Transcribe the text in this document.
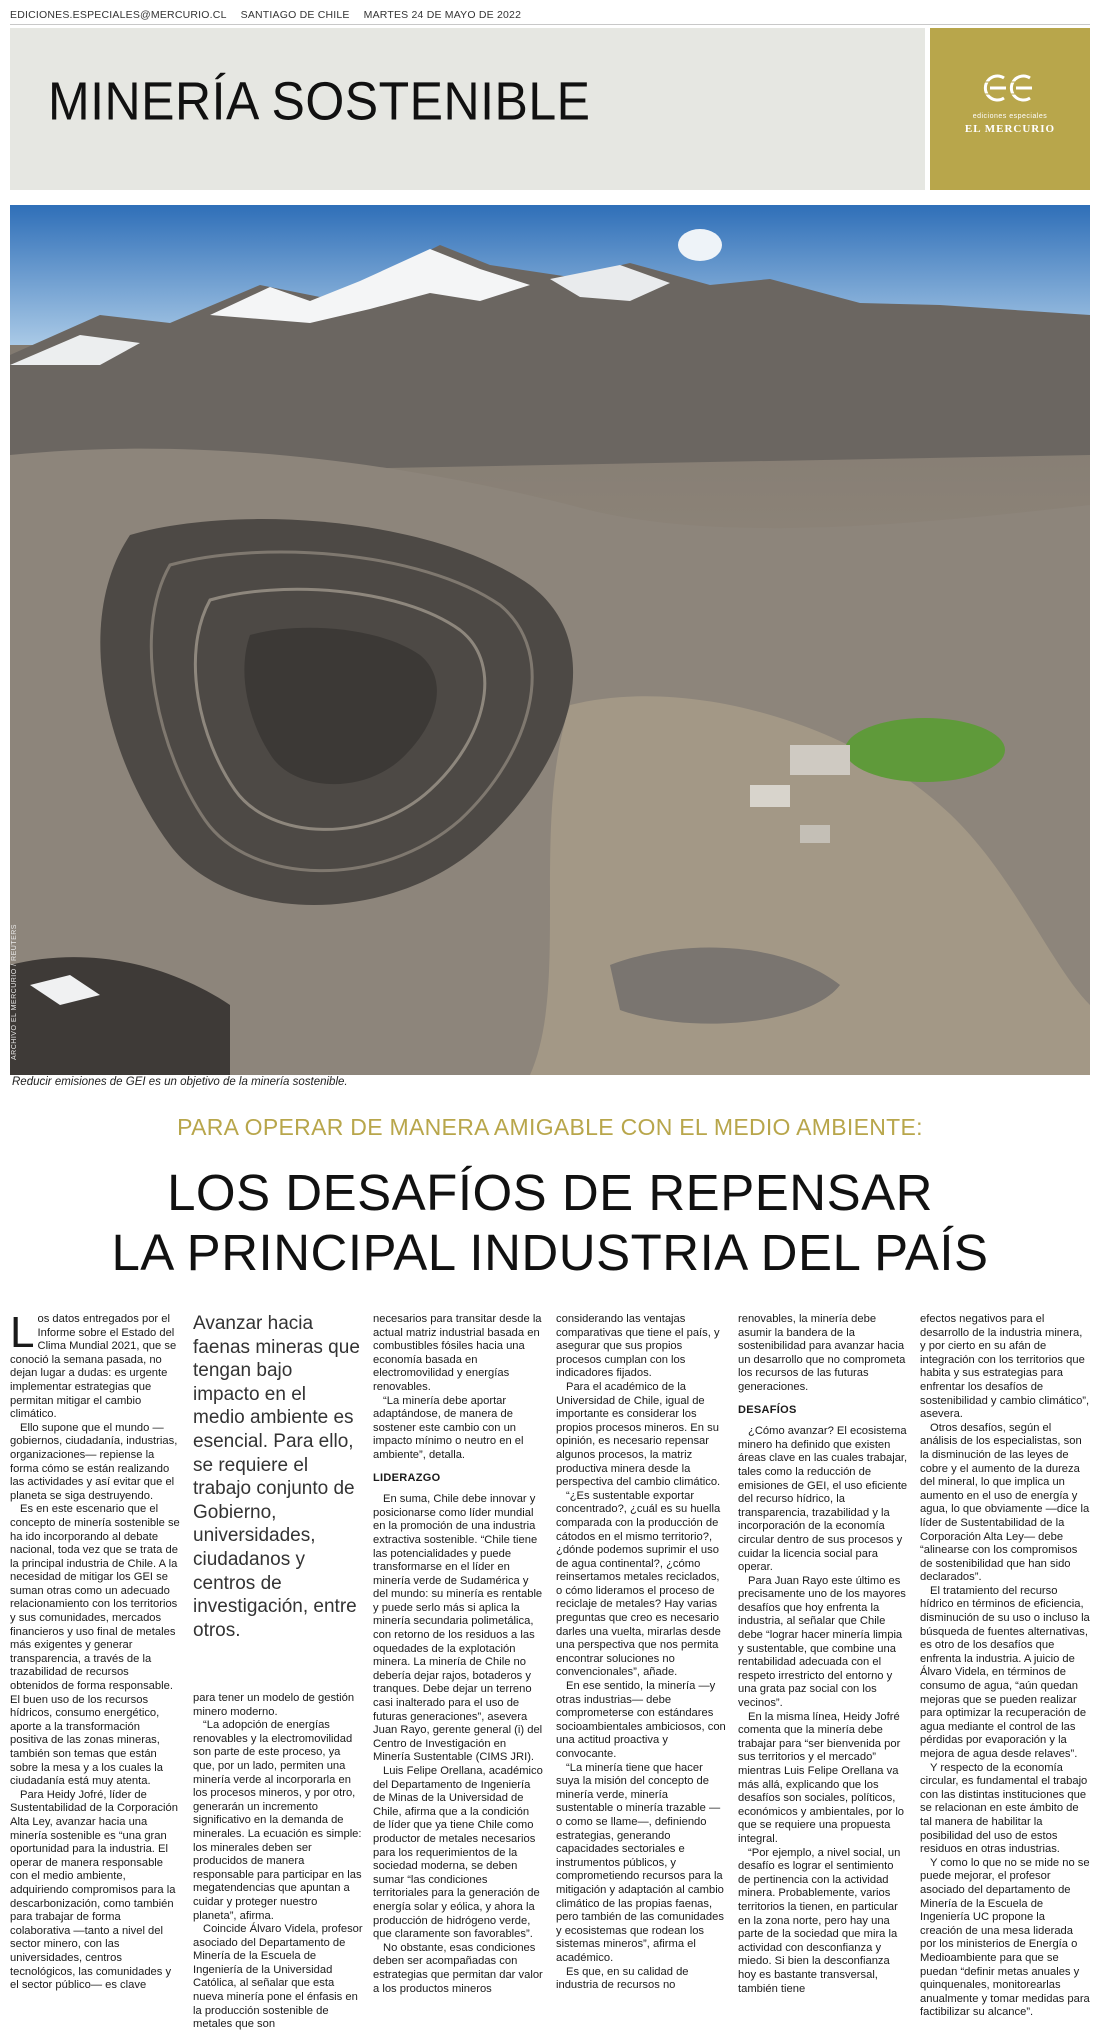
EDICIONES.ESPECIALES@MERCURIO.CL SANTIAGO DE CHILE MARTES 24 DE MAYO DE 2022
MINERÍA SOSTENIBLE	ediciones especiales
EL MERCURIO
ARCHIVO EL MERCURIO / REUTERS

Reducir emisiones de GEI es un objetivo de la minería sostenible.

PARA OPERAR DE MANERA AMIGABLE CON EL MEDIO AMBIENTE:

LOS DESAFÍOS DE REPENSAR
LA PRINCIPAL INDUSTRIA DEL PAÍS

Los datos entregados por el Informe sobre el Estado del Clima Mundial 2021, que se conoció la semana pasada, no dejan lugar a dudas: es urgente implementar estrategias que permitan mitigar el cambio climático.

Ello supone que el mundo —gobiernos, ciudadanía, industrias, organizaciones— repiense la forma cómo se están realizando las actividades y así evitar que el planeta se siga destruyendo.

Es en este escenario que el concepto de minería sostenible se ha ido incorporando al debate nacional, toda vez que se trata de la principal industria de Chile. A la necesidad de mitigar los GEI se suman otras como un adecuado relacionamiento con los territorios y sus comunidades, mercados financieros y uso final de metales más exigentes y generar transparencia, a través de la trazabilidad de recursos obtenidos de forma responsable. El buen uso de los recursos hídricos, consumo energético, aporte a la transformación positiva de las zonas mineras, también son temas que están sobre la mesa y a los cuales la ciudadanía está muy atenta.

Para Heidy Jofré, líder de Sustentabilidad de la Corporación Alta Ley, avanzar hacia una minería sostenible es “una gran oportunidad para la industria. El operar de manera responsable con el medio ambiente, adquiriendo compromisos para la descarbonización, como también para trabajar de forma colaborativa —tanto a nivel del sector minero, con las universidades, centros tecnológicos, las comunidades y el sector público— es clave

Avanzar hacia faenas mineras que tengan bajo impacto en el medio ambiente es esencial. Para ello, se requiere el trabajo conjunto de Gobierno, universidades, ciudadanos y centros de investigación, entre otros.

para tener un modelo de gestión minero moderno.

“La adopción de energías renovables y la electromovilidad son parte de este proceso, ya que, por un lado, permiten una minería verde al incorporarla en los procesos mineros, y por otro, generarán un incremento significativo en la demanda de minerales. La ecuación es simple: los minerales deben ser producidos de manera responsable para participar en las megatendencias que apuntan a cuidar y proteger nuestro planeta”, afirma.

Coincide Álvaro Videla, profesor asociado del Departamento de Minería de la Escuela de Ingeniería de la Universidad Católica, al señalar que esta nueva minería pone el énfasis en la producción sostenible de metales que son

necesarios para transitar desde la actual matriz industrial basada en combustibles fósiles hacia una economía basada en electromovilidad y energías renovables.

“La minería debe aportar adaptándose, de manera de sostener este cambio con un impacto mínimo o neutro en el ambiente”, detalla.

LIDERAZGO

En suma, Chile debe innovar y posicionarse como líder mundial en la promoción de una industria extractiva sostenible. “Chile tiene las potencialidades y puede transformarse en el líder en minería verde de Sudamérica y del mundo: su minería es rentable y puede serlo más si aplica la minería secundaria polimetálica, con retorno de los residuos a las oquedades de la explotación minera. La minería de Chile no debería dejar rajos, botaderos y tranques. Debe dejar un terreno casi inalterado para el uso de futuras generaciones”, asevera Juan Rayo, gerente general (i) del Centro de Investigación en Minería Sustentable (CIMS JRI).

Luis Felipe Orellana, académico del Departamento de Ingeniería de Minas de la Universidad de Chile, afirma que a la condición de líder que ya tiene Chile como productor de metales necesarios para los requerimientos de la sociedad moderna, se deben sumar “las condiciones territoriales para la generación de energía solar y eólica, y ahora la producción de hidrógeno verde, que claramente son favorables”.

No obstante, esas condiciones deben ser acompañadas con estrategias que permitan dar valor a los productos mineros

considerando las ventajas comparativas que tiene el país, y asegurar que sus propios procesos cumplan con los indicadores fijados.

Para el académico de la Universidad de Chile, igual de importante es considerar los propios procesos mineros. En su opinión, es necesario repensar algunos procesos, la matriz productiva minera desde la perspectiva del cambio climático.

“¿Es sustentable exportar concentrado?, ¿cuál es su huella comparada con la producción de cátodos en el mismo territorio?, ¿dónde podemos suprimir el uso de agua continental?, ¿cómo reinsertamos metales reciclados, o cómo lideramos el proceso de reciclaje de metales? Hay varias preguntas que creo es necesario darles una vuelta, mirarlas desde una perspectiva que nos permita encontrar soluciones no convencionales”, añade.

En ese sentido, la minería —y otras industrias— debe comprometerse con estándares socioambientales ambiciosos, con una actitud proactiva y convocante.

“La minería tiene que hacer suya la misión del concepto de minería verde, minería sustentable o minería trazable —o como se llame—, definiendo estrategias, generando capacidades sectoriales e instrumentos públicos, y comprometiendo recursos para la mitigación y adaptación al cambio climático de las propias faenas, pero también de las comunidades y ecosistemas que rodean los sistemas mineros”, afirma el académico.

Es que, en su calidad de industria de recursos no

renovables, la minería debe asumir la bandera de la sostenibilidad para avanzar hacia un desarrollo que no comprometa los recursos de las futuras generaciones.

DESAFÍOS

¿Cómo avanzar? El ecosistema minero ha definido que existen áreas clave en las cuales trabajar, tales como la reducción de emisiones de GEI, el uso eficiente del recurso hídrico, la transparencia, trazabilidad y la incorporación de la economía circular dentro de sus procesos y cuidar la licencia social para operar.

Para Juan Rayo este último es precisamente uno de los mayores desafíos que hoy enfrenta la industria, al señalar que Chile debe “lograr hacer minería limpia y sustentable, que combine una rentabilidad adecuada con el respeto irrestricto del entorno y una grata paz social con los vecinos”.

En la misma línea, Heidy Jofré comenta que la minería debe trabajar para “ser bienvenida por sus territorios y el mercado” mientras Luis Felipe Orellana va más allá, explicando que los desafíos son sociales, políticos, económicos y ambientales, por lo que se requiere una propuesta integral.

“Por ejemplo, a nivel social, un desafío es lograr el sentimiento de pertinencia con la actividad minera. Probablemente, varios territorios la tienen, en particular en la zona norte, pero hay una parte de la sociedad que mira la actividad con desconfianza y miedo. Si bien la desconfianza hoy es bastante transversal, también tiene

efectos negativos para el desarrollo de la industria minera, y por cierto en su afán de integración con los territorios que habita y sus estrategias para enfrentar los desafíos de sostenibilidad y cambio climático”, asevera.

Otros desafíos, según el análisis de los especialistas, son la disminución de las leyes de cobre y el aumento de la dureza del mineral, lo que implica un aumento en el uso de energía y agua, lo que obviamente —dice la líder de Sustentabilidad de la Corporación Alta Ley— debe “alinearse con los compromisos de sostenibilidad que han sido declarados”.

El tratamiento del recurso hídrico en términos de eficiencia, disminución de su uso o incluso la búsqueda de fuentes alternativas, es otro de los desafíos que enfrenta la industria. A juicio de Álvaro Videla, en términos de consumo de agua, “aún quedan mejoras que se pueden realizar para optimizar la recuperación de agua mediante el control de las pérdidas por evaporación y la mejora de agua desde relaves”.

Y respecto de la economía circular, es fundamental el trabajo con las distintas instituciones que se relacionan en este ámbito de tal manera de habilitar la posibilidad del uso de estos residuos en otras industrias.

Y como lo que no se mide no se puede mejorar, el profesor asociado del departamento de Minería de la Escuela de Ingeniería UC propone la creación de una mesa liderada por los ministerios de Energía o Medioambiente para que se puedan “definir metas anuales y quinquenales, monitorearlas anualmente y tomar medidas para factibilizar su alcance”.
